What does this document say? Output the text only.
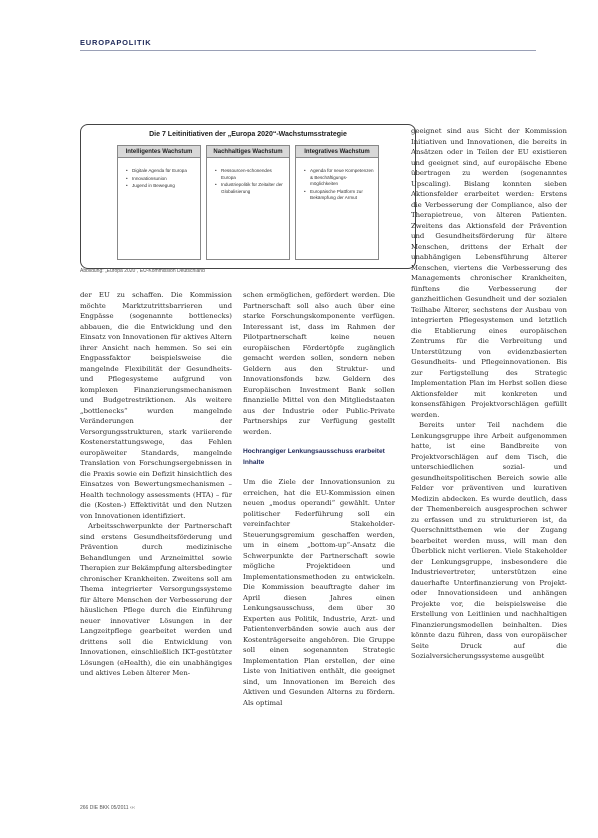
EUROPAPOLITIK
Die 7 Leitinitiativen der „Europa 2020“-Wachstumsstrategie
Intelligentes Wachstum
• Digitale Agenda für Europa
• Innovationsunion
• Jugend in Bewegung
Nachhaltiges Wachstum
• Ressourcen-schonendes Europa
• Industriepolitik für Zeitalter der Globalisierung
Integratives Wachstum
• Agenda für neue Kompetenzen & Beschäftigungs-möglichkeiten
• Europäische Plattform zur Bekämpfung der Armut
Abbildung: „Europa 2020“, EU-Kommission Deutschland

der EU zu schaffen. Die Kommission möchte Marktzutrittsbarrieren und Engpässe (sogenannte bottlenecks) abbauen, die die Entwicklung und den Einsatz von Innovationen für aktives Altern ihrer Ansicht nach hemmen. So sei ein Engpassfaktor beispielsweise die mangelnde Flexibilität der Gesundheits- und Pflegesysteme aufgrund von komplexen Finanzierungsmechanismen und Budgetrestriktionen. Als weitere „bottlenecks“ wurden mangelnde Veränderungen der Versorgungsstrukturen, stark variierende Kostenerstattungswege, das Fehlen europäweiter Standards, mangelnde Translation von Forschungsergebnissen in die Praxis sowie ein Defizit hinsichtlich des Einsatzes von Bewertungsmechanismen – Health technology assessments (HTA) – für die (Kosten-) Effektivität und den Nutzen von Innovationen identifiziert.

Arbeitsschwerpunkte der Partnerschaft sind erstens Gesundheitsförderung und Prävention durch medizinische Behandlungen und Arzneimittel sowie Therapien zur Bekämpfung altersbedingter chronischer Krankheiten. Zweitens soll am Thema integrierter Versorgungssysteme für ältere Menschen der Verbesserung der häuslichen Pflege durch die Einführung neuer innovativer Lösungen in der Langzeitpflege gearbeitet werden und drittens soll die Entwicklung von Innovationen, einschließlich IKT-gestützter Lösungen (eHealth), die ein unabhängiges und aktives Leben älterer Men-

schen ermöglichen, gefördert werden. Die Partnerschaft soll also auch über eine starke Forschungskomponente verfügen. Interessant ist, dass im Rahmen der Pilotpartnerschaft keine neuen europäischen Fördertöpfe zugänglich gemacht werden sollen, sondern neben Geldern aus den Struktur- und Innovationsfonds bzw. Geldern des Europäischen Investment Bank sollen finanzielle Mittel von den Mitgliedstaaten aus der Industrie oder Public-Private Partnerships zur Verfügung gestellt werden.

Hochrangiger Lenkungsausschuss erarbeitet Inhalte

Um die Ziele der Innovationsunion zu erreichen, hat die EU-Kommission einen neuen „modus operandi“ gewählt. Unter politischer Federführung soll ein vereinfachter Stakeholder-Steuerungsgremium geschaffen werden, um in einem „bottom-up“-Ansatz die Schwerpunkte der Partnerschaft sowie mögliche Projektideen und Implementationsmethoden zu entwickeln. Die Kommission beauftragte daher im April diesen Jahres einen Lenkungsausschuss, dem über 30 Experten aus Politik, Industrie, Arzt- und Patientenverbänden sowie auch aus der Kostenträgerseite angehören. Die Gruppe soll einen sogenannten Strategic Implementation Plan erstellen, der eine Liste von Initiativen enthält, die geeignet sind, um Innovationen im Bereich des Aktiven und Gesunden Alterns zu fördern. Als optimal

geeignet sind aus Sicht der Kommission Initiativen und Innovationen, die bereits in Ansätzen oder in Teilen der EU existieren und geeignet sind, auf europäische Ebene übertragen zu werden (sogenanntes Upscaling). Bislang konnten sieben Aktionsfelder erarbeitet werden: Erstens die Verbesserung der Compliance, also der Therapietreue, von älteren Patienten. Zweitens das Aktionsfeld der Prävention und Gesundheitsförderung für ältere Menschen, drittens der Erhalt der unabhängigen Lebensführung älterer Menschen, viertens die Verbesserung des Managements chronischer Krankheiten, fünftens die Verbesserung der ganzheitlichen Gesundheit und der sozialen Teilhabe Älterer, sechstens der Ausbau von integrierten Pflegesystemen und letztlich die Etablierung eines europäischen Zentrums für die Verbreitung und Unterstützung von evidenzbasierten Gesundheits- und Pflegeinnovationen. Bis zur Fertigstellung des Strategic Implementation Plan im Herbst sollen diese Aktionsfelder mit konkreten und konsensfähigen Projektvorschlägen gefüllt werden.

Bereits unter Teil nachdem die Lenkungsgruppe ihre Arbeit aufgenommen hatte, ist eine Bandbreite von Projektvorschlägen auf dem Tisch, die unterschiedlichen sozial- und gesundheitspolitischen Bereich sowie alle Felder vor präventiven und kurativen Medizin abdecken. Es wurde deutlich, dass der Themenbereich ausgesprochen schwer zu erfassen und zu strukturieren ist, da Querschnittsthemen wie der Zugang bearbeitet werden muss, will man den Überblick nicht verlieren. Viele Stakeholder der Lenkungsgruppe, insbesondere die Industrievertreter, unterstützen eine dauerhafte Unterfinanzierung von Projekt- oder Innovationsideen und anhängen Projekte vor, die beispielsweise die Erstellung von Leitlinien und nachhaltigen Finanzierungsmodellen beinhalten. Dies könnte dazu führen, dass von europäischer Seite Druck auf die Sozialversicherungssysteme ausgeübt

266 DIE BKK 05/2011 ‹‹‹
